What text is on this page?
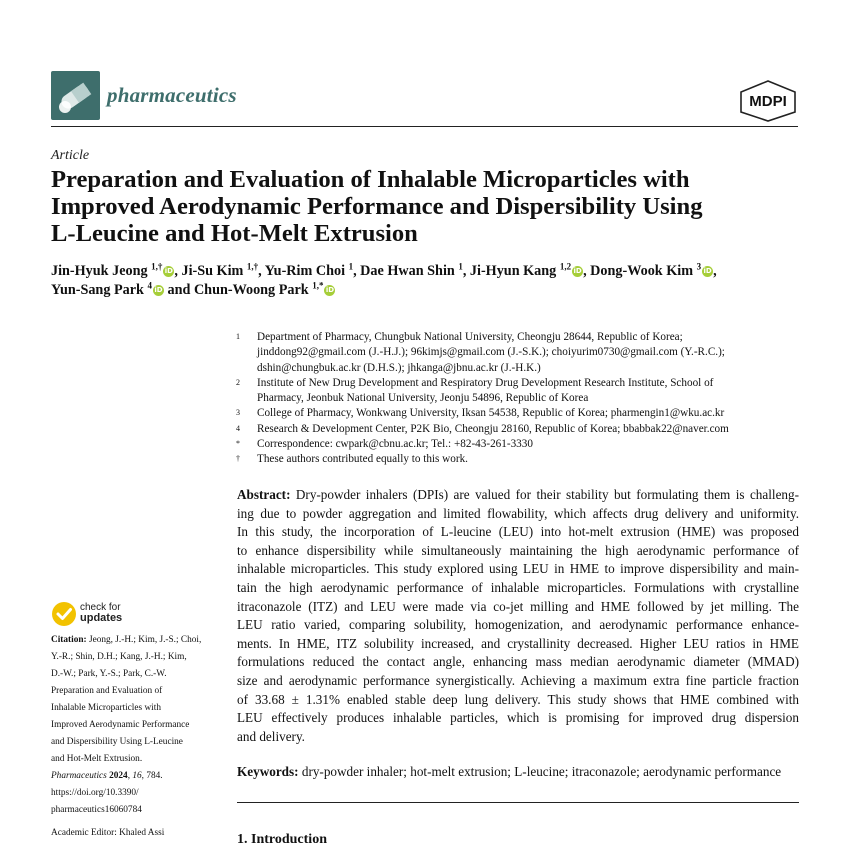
pharmaceutics	MDPI
Article
Preparation and Evaluation of Inhalable Microparticles with
Improved Aerodynamic Performance and Dispersibility Using
L-Leucine and Hot-Melt Extrusion
Jin-Hyuk Jeong $^{1,\dagger}$ iD, Ji-Su Kim $^{1,\dagger}$, Yu-Rim Choi $^1$, Dae Hwan Shin $^1$, Ji-Hyun Kang $^{1,2}$ iD, Dong-Wook Kim $^3$ iD,
Yun-Sang Park $^4$ iD and Chun-Woong Park $^{1,*}$ iD
1 Department of Pharmacy, Chungbuk National University, Cheongju 28644, Republic of Korea;
jinddong92@gmail.com (J.-H.J.); 96kimjs@gmail.com (J.-S.K.); choiyurim0730@gmail.com (Y.-R.C.);
dshin@chungbuk.ac.kr (D.H.S.); jhkanga@jbnu.ac.kr (J.-H.K.)
2 Institute of New Drug Development and Respiratory Drug Development Research Institute, School of
Pharmacy, Jeonbuk National University, Jeonju 54896, Republic of Korea
3 College of Pharmacy, Wonkwang University, Iksan 54538, Republic of Korea; pharmengin1@wku.ac.kr
4 Research & Development Center, P2K Bio, Cheongju 28160, Republic of Korea; bbabbak22@naver.com
* Correspondence: cwpark@cbnu.ac.kr; Tel.: +82-43-261-3330
† These authors contributed equally to this work.
Abstract: Dry-powder inhalers (DPIs) are valued for their stability but formulating them is challeng-
ing due to powder aggregation and limited flowability, which affects drug delivery and uniformity.
In this study, the incorporation of L-leucine (LEU) into hot-melt extrusion (HME) was proposed
to enhance dispersibility while simultaneously maintaining the high aerodynamic performance of
inhalable microparticles. This study explored using LEU in HME to improve dispersibility and main-
tain the high aerodynamic performance of inhalable microparticles. Formulations with crystalline
itraconazole (ITZ) and LEU were made via co-jet milling and HME followed by jet milling. The
LEU ratio varied, comparing solubility, homogenization, and aerodynamic performance enhance-
ments. In HME, ITZ solubility increased, and crystallinity decreased. Higher LEU ratios in HME
formulations reduced the contact angle, enhancing mass median aerodynamic diameter (MMAD)
size and aerodynamic performance synergistically. Achieving a maximum extra fine particle fraction
of 33.68 ± 1.31% enabled stable deep lung delivery. This study shows that HME combined with
LEU effectively produces inhalable particles, which is promising for improved drug dispersion
and delivery.
Keywords: dry-powder inhaler; hot-melt extrusion; L-leucine; itraconazole; aerodynamic performance
1. Introduction
check for
updates
Citation: Jeong, J.-H.; Kim, J.-S.; Choi,
Y.-R.; Shin, D.H.; Kang, J.-H.; Kim,
D.-W.; Park, Y.-S.; Park, C.-W.
Preparation and Evaluation of
Inhalable Microparticles with
Improved Aerodynamic Performance
and Dispersibility Using L-Leucine
and Hot-Melt Extrusion.
Pharmaceutics 2024, 16, 784.
https://doi.org/10.3390/
pharmaceutics16060784
Academic Editor: Khaled Assi
